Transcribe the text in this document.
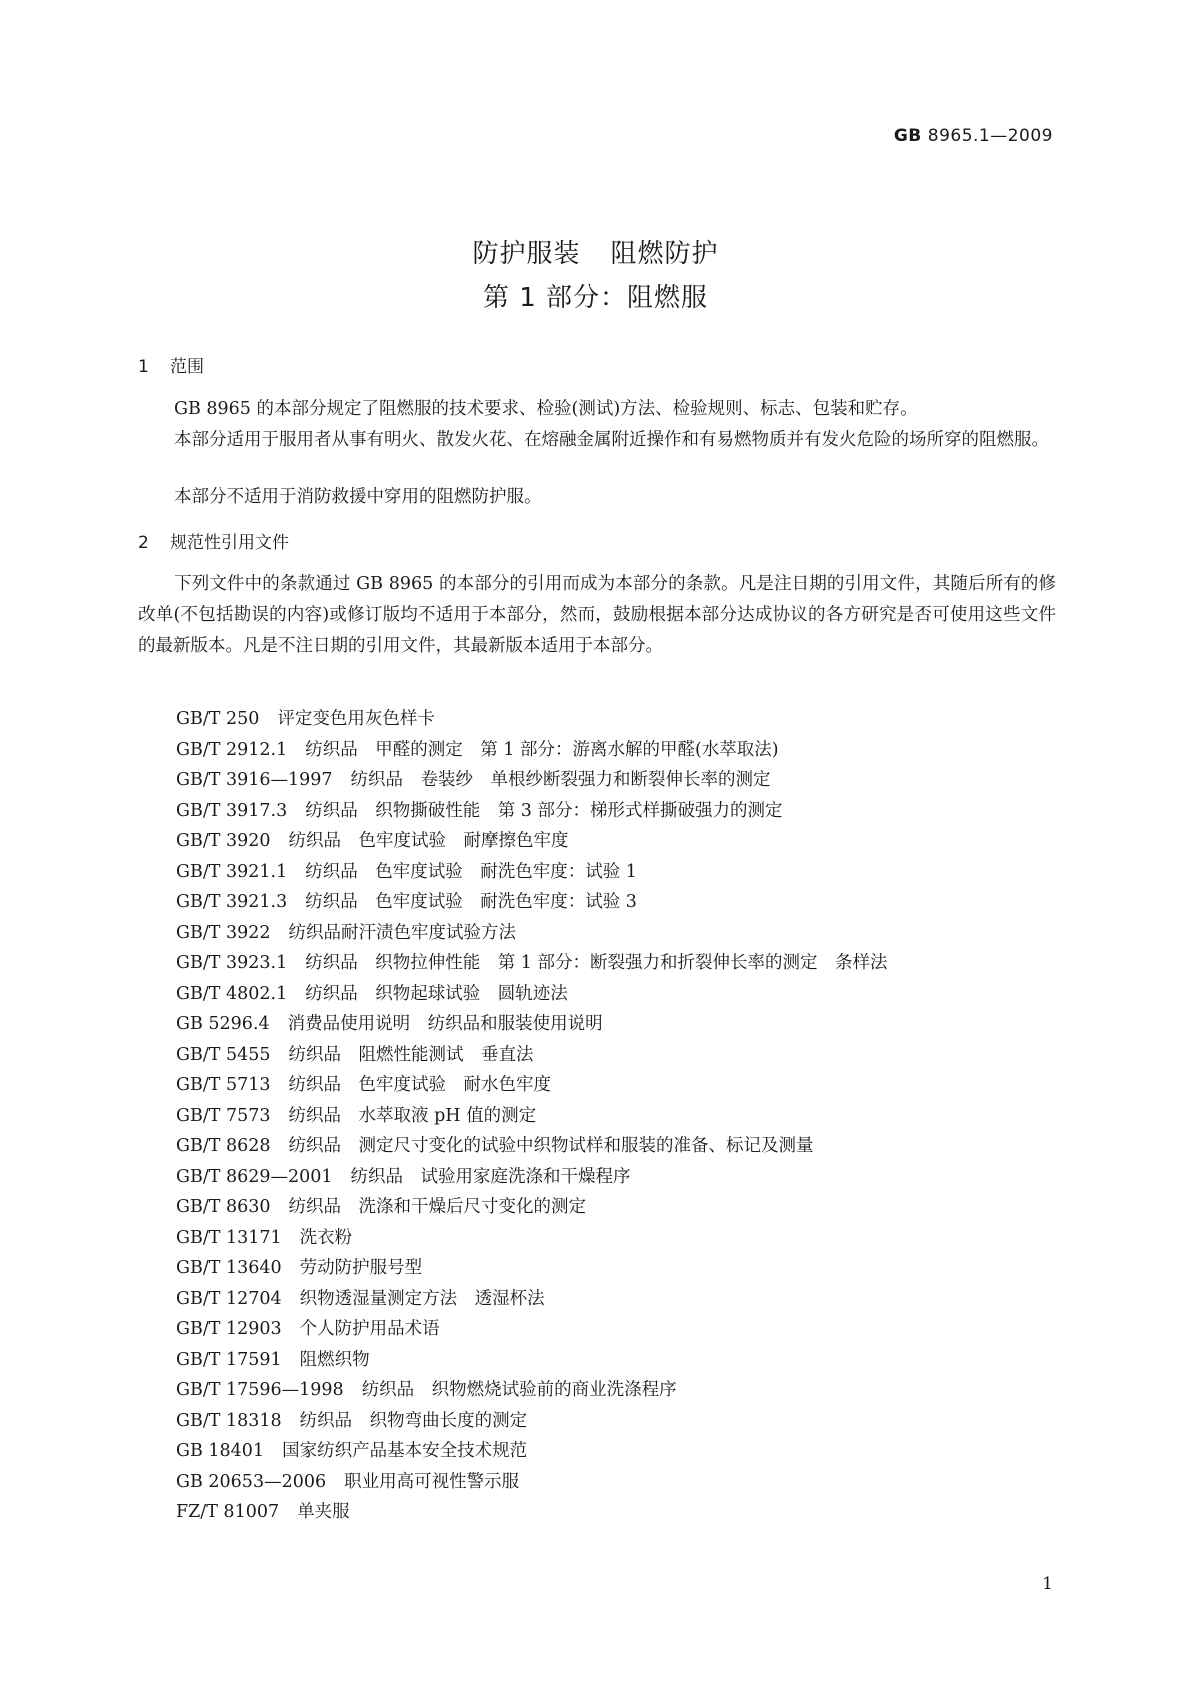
GB 8965.1—2009
防护服装 阻燃防护
第 1 部分：阻燃服
1 范围
GB 8965 的本部分规定了阻燃服的技术要求、检验(测试)方法、检验规则、标志、包装和贮存。
本部分适用于服用者从事有明火、散发火花、在熔融金属附近操作和有易燃物质并有发火危险的场所穿的阻燃服。
本部分不适用于消防救援中穿用的阻燃防护服。
2 规范性引用文件
下列文件中的条款通过 GB 8965 的本部分的引用而成为本部分的条款。凡是注日期的引用文件，其随后所有的修改单(不包括勘误的内容)或修订版均不适用于本部分，然而，鼓励根据本部分达成协议的各方研究是否可使用这些文件的最新版本。凡是不注日期的引用文件，其最新版本适用于本部分。
GB/T 250 评定变色用灰色样卡
GB/T 2912.1 纺织品　甲醛的测定　第 1 部分：游离水解的甲醛(水萃取法)
GB/T 3916—1997 纺织品　卷装纱　单根纱断裂强力和断裂伸长率的测定
GB/T 3917.3 纺织品　织物撕破性能　第 3 部分：梯形式样撕破强力的测定
GB/T 3920 纺织品　色牢度试验　耐摩擦色牢度
GB/T 3921.1 纺织品　色牢度试验　耐洗色牢度：试验 1
GB/T 3921.3 纺织品　色牢度试验　耐洗色牢度：试验 3
GB/T 3922 纺织品耐汗渍色牢度试验方法
GB/T 3923.1 纺织品　织物拉伸性能　第 1 部分：断裂强力和折裂伸长率的测定　条样法
GB/T 4802.1 纺织品　织物起球试验　圆轨迹法
GB 5296.4 消费品使用说明　纺织品和服装使用说明
GB/T 5455 纺织品　阻燃性能测试　垂直法
GB/T 5713 纺织品　色牢度试验　耐水色牢度
GB/T 7573 纺织品　水萃取液 pH 值的测定
GB/T 8628 纺织品　测定尺寸变化的试验中织物试样和服装的准备、标记及测量
GB/T 8629—2001 纺织品　试验用家庭洗涤和干燥程序
GB/T 8630 纺织品　洗涤和干燥后尺寸变化的测定
GB/T 13171 洗衣粉
GB/T 13640 劳动防护服号型
GB/T 12704 织物透湿量测定方法　透湿杯法
GB/T 12903 个人防护用品术语
GB/T 17591 阻燃织物
GB/T 17596—1998 纺织品　织物燃烧试验前的商业洗涤程序
GB/T 18318 纺织品　织物弯曲长度的测定
GB 18401 国家纺织产品基本安全技术规范
GB 20653—2006 职业用高可视性警示服
FZ/T 81007 单夹服
1
